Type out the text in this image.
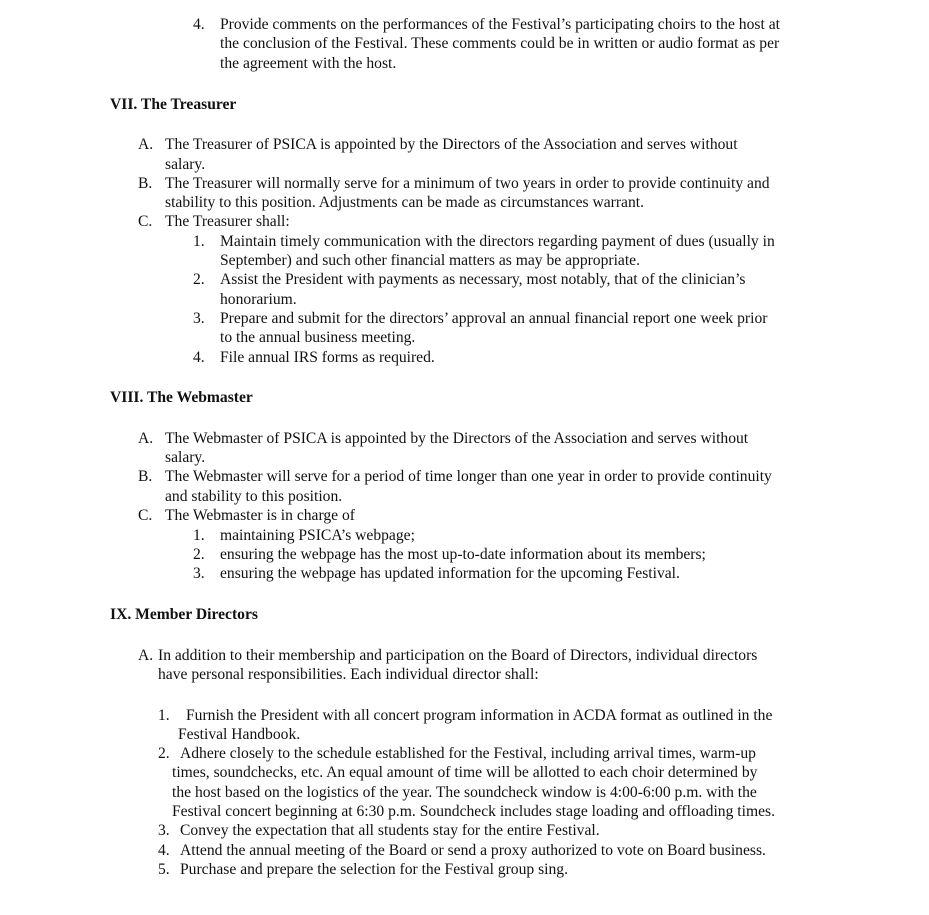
4. Provide comments on the performances of the Festival’s participating choirs to the host at
the conclusion of the Festival. These comments could be in written or audio format as per
the agreement with the host.
VII. The Treasurer
A. The Treasurer of PSICA is appointed by the Directors of the Association and serves without
salary.
B. The Treasurer will normally serve for a minimum of two years in order to provide continuity and
stability to this position. Adjustments can be made as circumstances warrant.
C. The Treasurer shall:
1. Maintain timely communication with the directors regarding payment of dues (usually in
September) and such other financial matters as may be appropriate.
2. Assist the President with payments as necessary, most notably, that of the clinician’s
honorarium.
3. Prepare and submit for the directors’ approval an annual financial report one week prior
to the annual business meeting.
4. File annual IRS forms as required.
VIII. The Webmaster
A. The Webmaster of PSICA is appointed by the Directors of the Association and serves without
salary.
B. The Webmaster will serve for a period of time longer than one year in order to provide continuity
and stability to this position.
C. The Webmaster is in charge of
1. maintaining PSICA’s webpage;
2. ensuring the webpage has the most up-to-date information about its members;
3. ensuring the webpage has updated information for the upcoming Festival.
IX. Member Directors
A. In addition to their membership and participation on the Board of Directors, individual directors
have personal responsibilities. Each individual director shall:
1. Furnish the President with all concert program information in ACDA format as outlined in the
Festival Handbook.
2. Adhere closely to the schedule established for the Festival, including arrival times, warm-up
times, soundchecks, etc. An equal amount of time will be allotted to each choir determined by
the host based on the logistics of the year. The soundcheck window is 4:00-6:00 p.m. with the
Festival concert beginning at 6:30 p.m. Soundcheck includes stage loading and offloading times.
3. Convey the expectation that all students stay for the entire Festival.
4. Attend the annual meeting of the Board or send a proxy authorized to vote on Board business.
5. Purchase and prepare the selection for the Festival group sing.
